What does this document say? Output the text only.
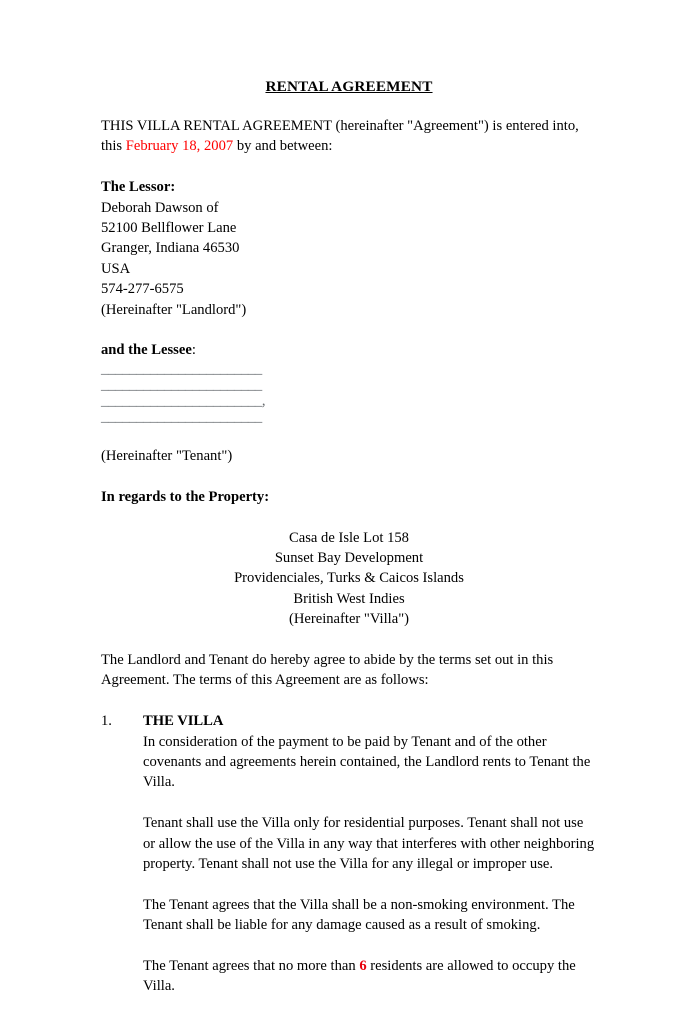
RENTAL AGREEMENT

THIS VILLA RENTAL AGREEMENT (hereinafter "Agreement") is entered into, this February 18, 2007 by and between:

The Lessor:
Deborah Dawson of
52100 Bellflower Lane
Granger, Indiana 46530
USA
574-277-6575
(Hereinafter "Landlord")

and the Lessee:

_______________________
_______________________
_______________________,
_______________________

(Hereinafter "Tenant")

In regards to the Property:

Casa de Isle Lot 158
Sunset Bay Development
Providenciales, Turks & Caicos Islands
British West Indies
(Hereinafter "Villa")

The Landlord and Tenant do hereby agree to abide by the terms set out in this Agreement. The terms of this Agreement are as follows:

1. THE VILLA

In consideration of the payment to be paid by Tenant and of the other covenants and agreements herein contained, the Landlord rents to Tenant the Villa.

Tenant shall use the Villa only for residential purposes. Tenant shall not use or allow the use of the Villa in any way that interferes with other neighboring property. Tenant shall not use the Villa for any illegal or improper use.

The Tenant agrees that the Villa shall be a non-smoking environment. The Tenant shall be liable for any damage caused as a result of smoking.

The Tenant agrees that no more than 6 residents are allowed to occupy the Villa.
